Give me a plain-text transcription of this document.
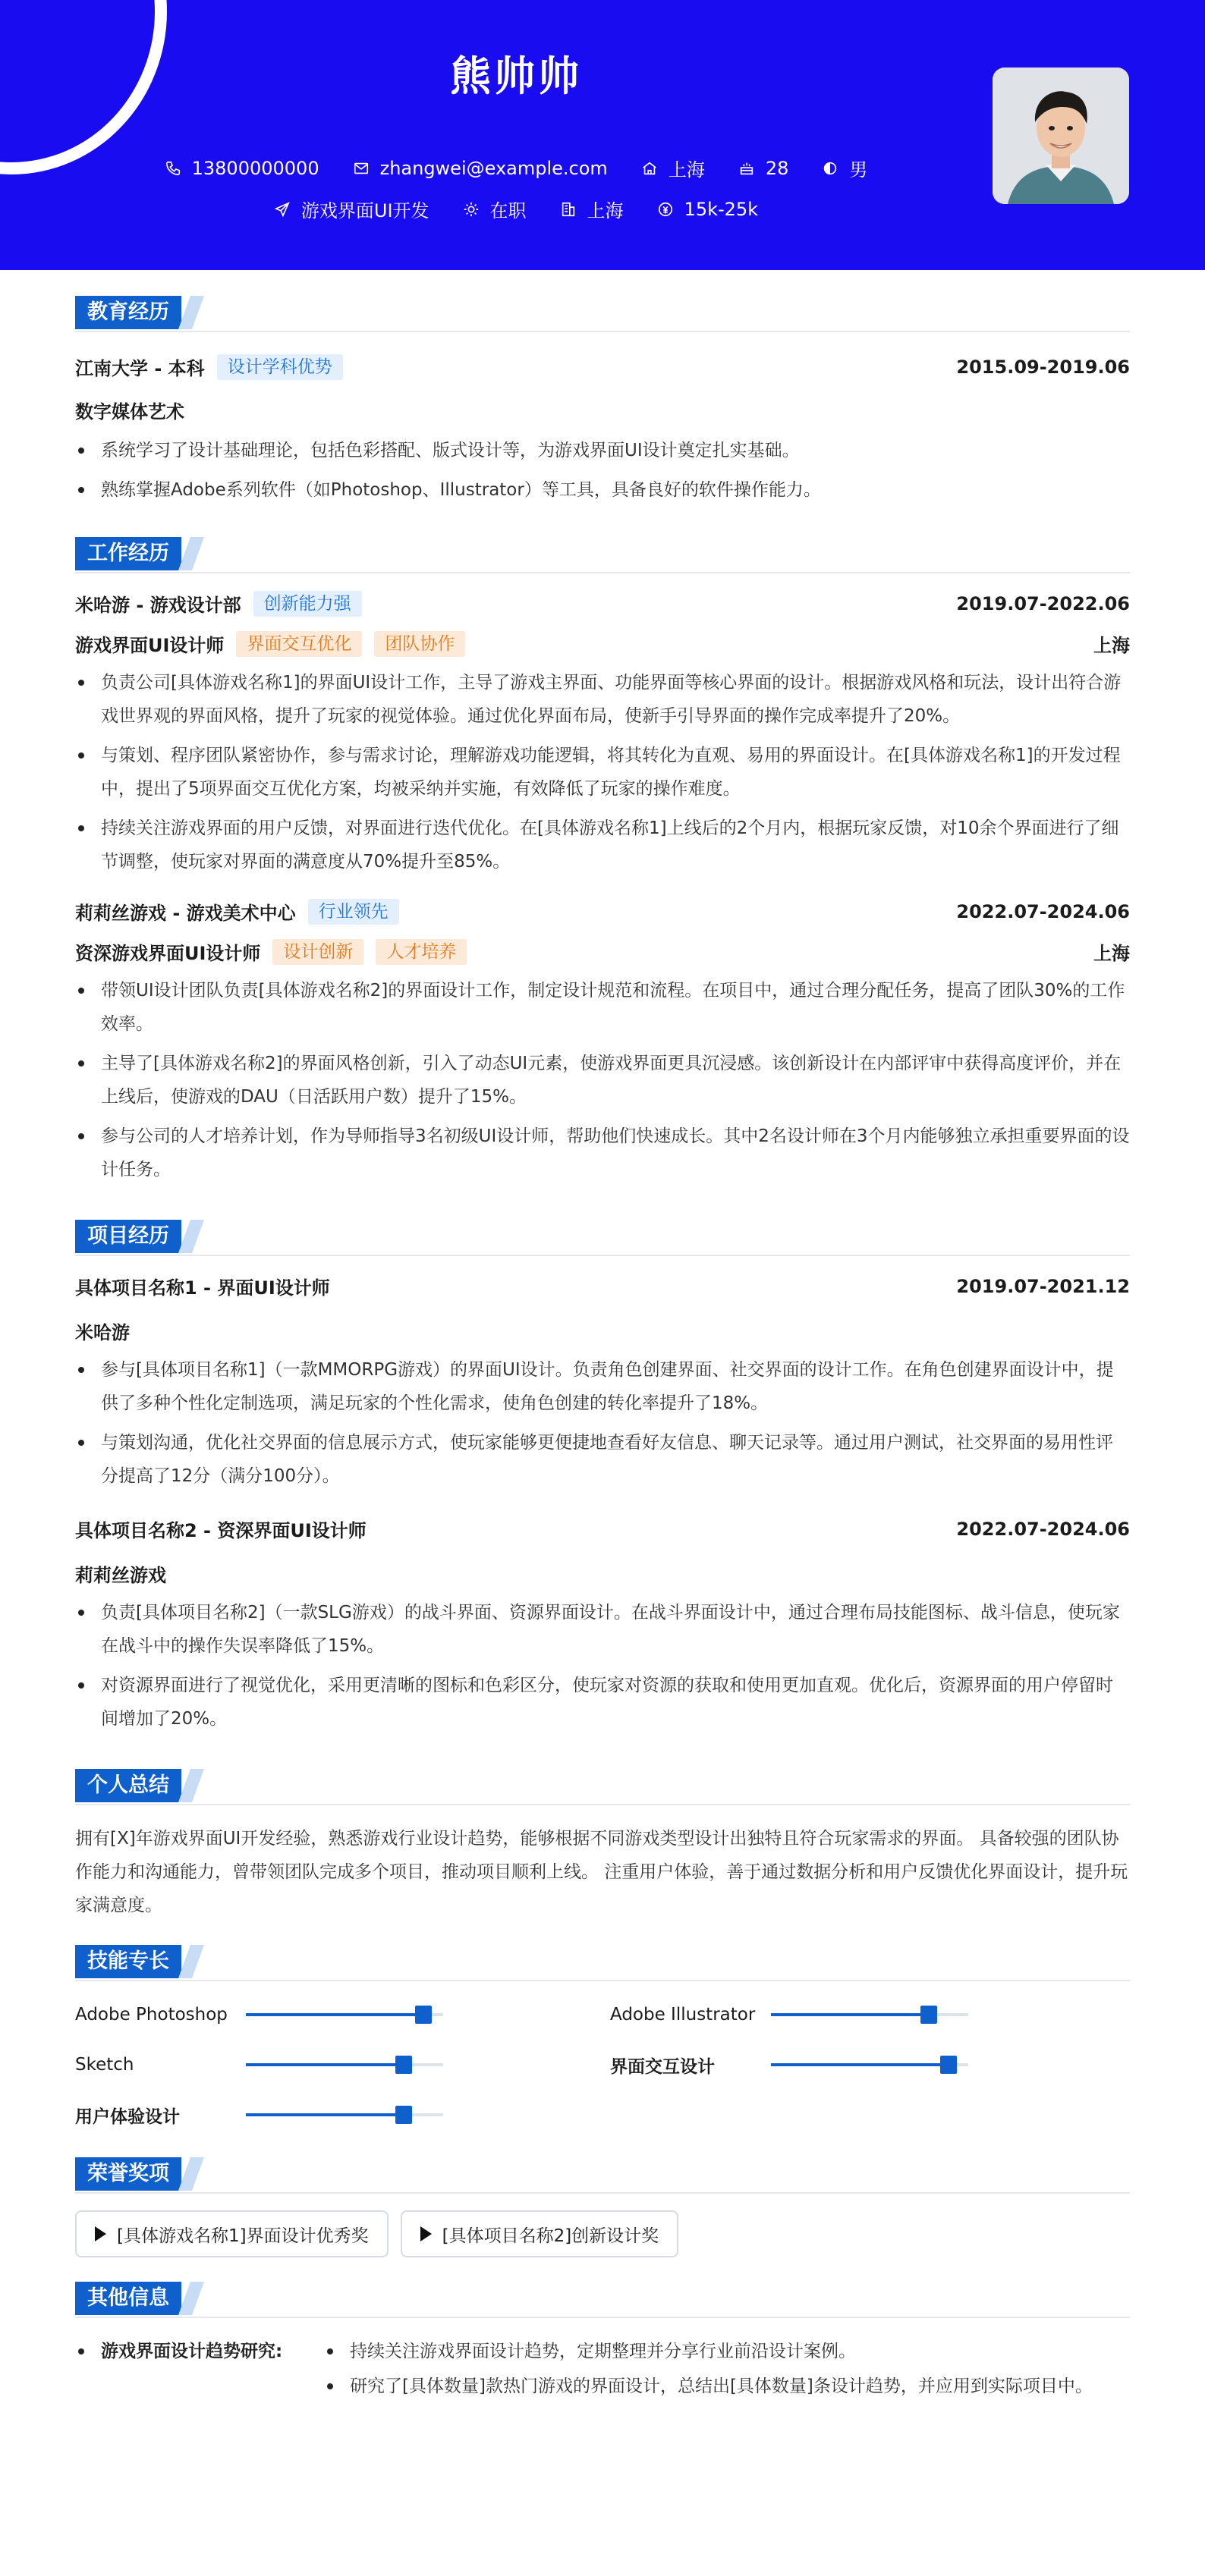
熊帅帅
13800000000	zhangwei@example.com	上海	28	男
游戏界面UI开发	在职	上海	15k-25k
教育经历
江南大学 - 本科	设计学科优势	2015.09-2019.06
数字媒体艺术
系统学习了设计基础理论，包括色彩搭配、版式设计等，为游戏界面UI设计奠定扎实基础。
熟练掌握Adobe系列软件（如Photoshop、Illustrator）等工具，具备良好的软件操作能力。
工作经历
米哈游 - 游戏设计部	创新能力强	2019.07-2022.06
游戏界面UI设计师	界面交互优化	团队协作	上海
负责公司[具体游戏名称1]的界面UI设计工作，主导了游戏主界面、功能界面等核心界面的设计。根据游戏风格和玩法，设计出符合游戏世界观的界面风格，提升了玩家的视觉体验。通过优化界面布局，使新手引导界面的操作完成率提升了20%。
与策划、程序团队紧密协作，参与需求讨论，理解游戏功能逻辑，将其转化为直观、易用的界面设计。在[具体游戏名称1]的开发过程中，提出了5项界面交互优化方案，均被采纳并实施，有效降低了玩家的操作难度。
持续关注游戏界面的用户反馈，对界面进行迭代优化。在[具体游戏名称1]上线后的2个月内，根据玩家反馈，对10余个界面进行了细节调整，使玩家对界面的满意度从70%提升至85%。
莉莉丝游戏 - 游戏美术中心	行业领先	2022.07-2024.06
资深游戏界面UI设计师	设计创新	人才培养	上海
带领UI设计团队负责[具体游戏名称2]的界面设计工作，制定设计规范和流程。在项目中，通过合理分配任务，提高了团队30%的工作效率。
主导了[具体游戏名称2]的界面风格创新，引入了动态UI元素，使游戏界面更具沉浸感。该创新设计在内部评审中获得高度评价，并在上线后，使游戏的DAU（日活跃用户数）提升了15%。
参与公司的人才培养计划，作为导师指导3名初级UI设计师，帮助他们快速成长。其中2名设计师在3个月内能够独立承担重要界面的设计任务。
项目经历
具体项目名称1 - 界面UI设计师	2019.07-2021.12
米哈游
参与[具体项目名称1]（一款MMORPG游戏）的界面UI设计。负责角色创建界面、社交界面的设计工作。在角色创建界面设计中，提供了多种个性化定制选项，满足玩家的个性化需求，使角色创建的转化率提升了18%。
与策划沟通，优化社交界面的信息展示方式，使玩家能够更便捷地查看好友信息、聊天记录等。通过用户测试，社交界面的易用性评分提高了12分（满分100分）。
具体项目名称2 - 资深界面UI设计师	2022.07-2024.06
莉莉丝游戏
负责[具体项目名称2]（一款SLG游戏）的战斗界面、资源界面设计。在战斗界面设计中，通过合理布局技能图标、战斗信息，使玩家在战斗中的操作失误率降低了15%。
对资源界面进行了视觉优化，采用更清晰的图标和色彩区分，使玩家对资源的获取和使用更加直观。优化后，资源界面的用户停留时间增加了20%。
个人总结
拥有[X]年游戏界面UI开发经验，熟悉游戏行业设计趋势，能够根据不同游戏类型设计出独特且符合玩家需求的界面。 具备较强的团队协作能力和沟通能力，曾带领团队完成多个项目，推动项目顺利上线。 注重用户体验，善于通过数据分析和用户反馈优化界面设计，提升玩家满意度。
技能专长
Adobe Photoshop	Adobe Illustrator
Sketch	界面交互设计
用户体验设计
荣誉奖项
[具体游戏名称1]界面设计优秀奖	[具体项目名称2]创新设计奖
其他信息
游戏界面设计趋势研究:	持续关注游戏界面设计趋势，定期整理并分享行业前沿设计案例。
研究了[具体数量]款热门游戏的界面设计，总结出[具体数量]条设计趋势，并应用到实际项目中。
